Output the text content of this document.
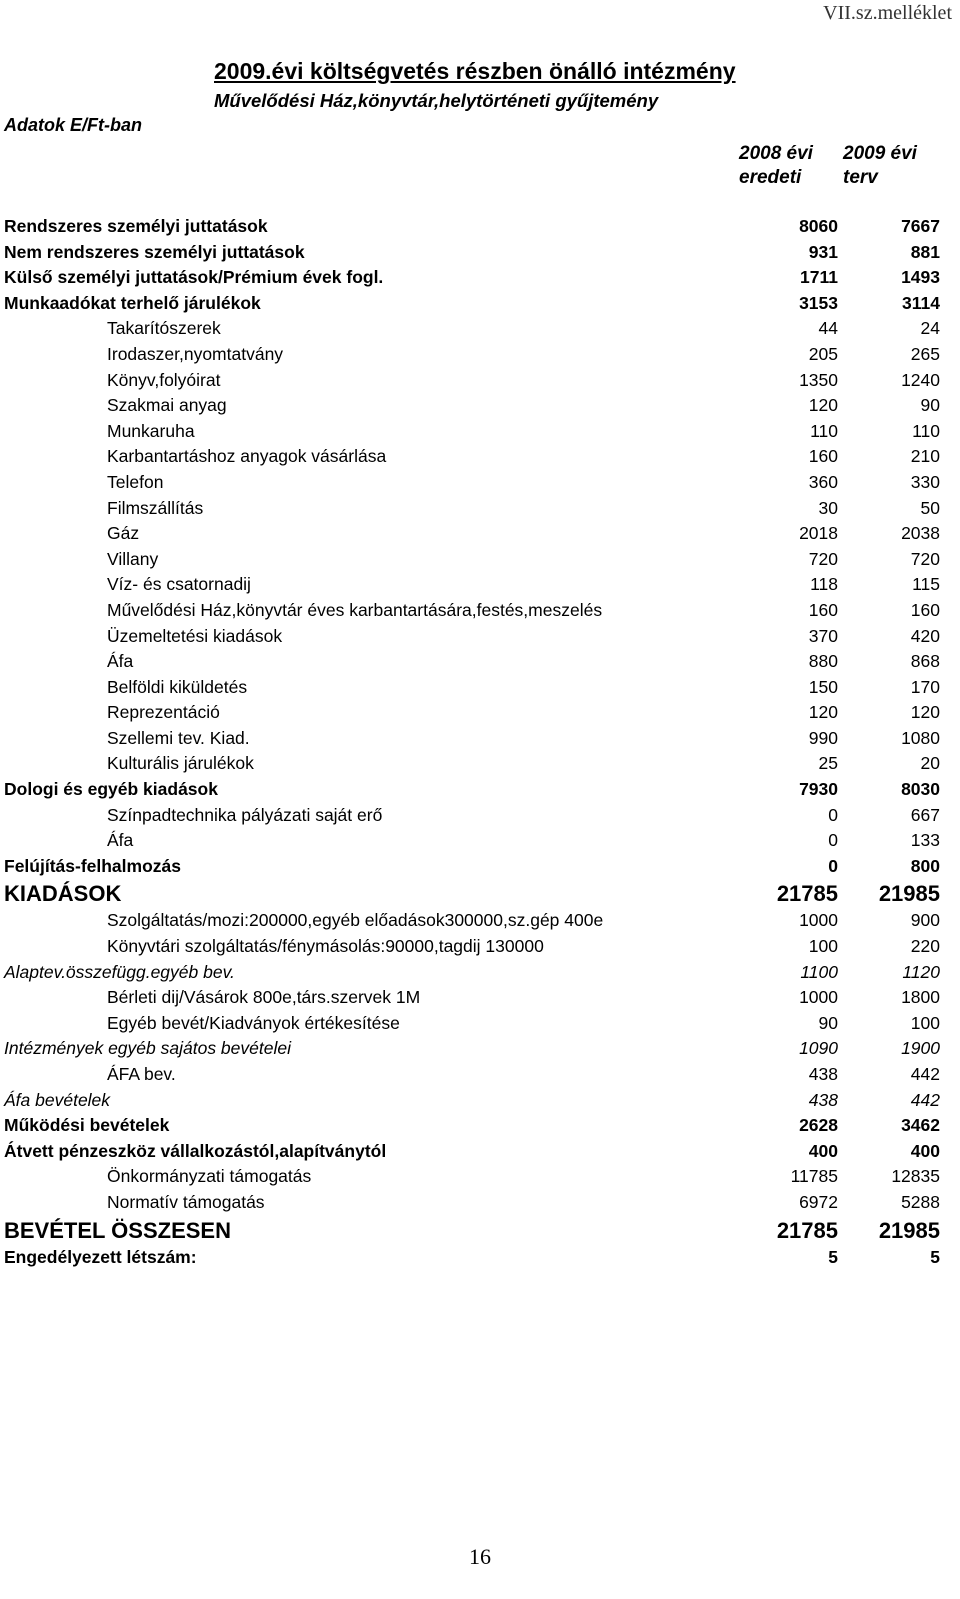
VII.sz.melléklet
Adatok E/Ft-ban
2009.évi költségvetés részben önálló intézmény
Művelődési Ház,könyvtár,helytörténeti gyűjtemény
2008 évi
eredeti
2009 évi
terv
Rendszeres személyi juttatások	8060	7667
Nem rendszeres személyi juttatások	931	881
Külső személyi juttatások/Prémium évek fogl.	1711	1493
Munkaadókat terhelő járulékok	3153	3114
Takarítószerek	44	24
Irodaszer,nyomtatvány	205	265
Könyv,folyóirat	1350	1240
Szakmai anyag	120	90
Munkaruha	110	110
Karbantartáshoz anyagok vásárlása	160	210
Telefon	360	330
Filmszállítás	30	50
Gáz	2018	2038
Villany	720	720
Víz- és csatornadij	118	115
Művelődési Ház,könyvtár éves karbantartására,festés,meszelés	160	160
Üzemeltetési kiadások	370	420
Áfa	880	868
Belföldi kiküldetés	150	170
Reprezentáció	120	120
Szellemi tev. Kiad.	990	1080
Kulturális járulékok	25	20
Dologi és egyéb kiadások	7930	8030
Színpadtechnika pályázati saját erő	0	667
Áfa	0	133
Felújítás-felhalmozás	0	800
KIADÁSOK	21785 21985
Szolgáltatás/mozi:200000,egyéb előadások300000,sz.gép 400e	1000	900
Könyvtári szolgáltatás/fénymásolás:90000,tagdij 130000	100	220
Alaptev.összefügg.egyéb bev.	1100	1120
Bérleti dij/Vásárok 800e,társ.szervek 1M	1000	1800
Egyéb bevét/Kiadványok értékesítése	90	100
Intézmények egyéb sajátos bevételei	1090	1900
ÁFA bev.	438	442
Áfa bevételek	438	442
Működési bevételek	2628	3462
Átvett pénzeszköz vállalkozástól,alapítványtól	400	400
Önkormányzati támogatás	11785	12835
Normatív támogatás	6972	5288
BEVÉTEL ÖSSZESEN	21785 21985
Engedélyezett létszám:	5	5
16
